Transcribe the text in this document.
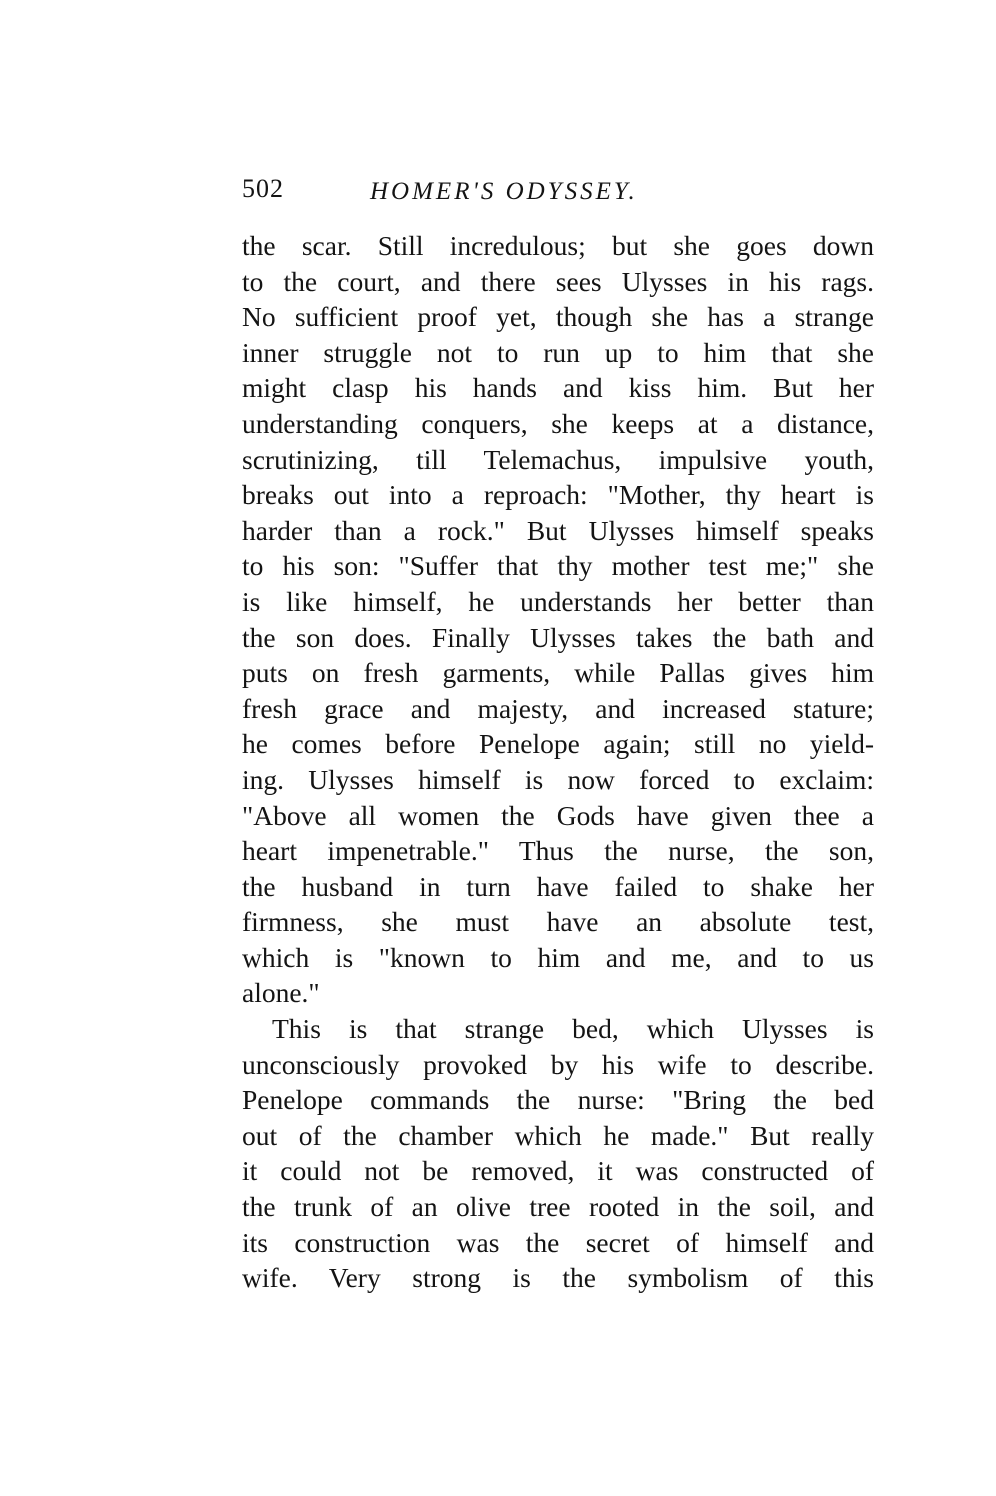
502	HOMER'S ODYSSEY.
the scar. Still incredulous; but she goes down
to the court, and there sees Ulysses in his rags.
No sufficient proof yet, though she has a strange
inner struggle not to run up to him that she
might clasp his hands and kiss him. But her
understanding conquers, she keeps at a distance,
scrutinizing, till Telemachus, impulsive youth,
breaks out into a reproach: "Mother, thy heart is
harder than a rock." But Ulysses himself speaks
to his son: "Suffer that thy mother test me;" she
is like himself, he understands her better than
the son does. Finally Ulysses takes the bath and
puts on fresh garments, while Pallas gives him
fresh grace and majesty, and increased stature;
he comes before Penelope again; still no yield-
ing. Ulysses himself is now forced to exclaim:
"Above all women the Gods have given thee a
heart impenetrable." Thus the nurse, the son,
the husband in turn have failed to shake her
firmness, she must have an absolute test,
which is "known to him and me, and to us
alone."
This is that strange bed, which Ulysses is
unconsciously provoked by his wife to describe.
Penelope commands the nurse: "Bring the bed
out of the chamber which he made." But really
it could not be removed, it was constructed of
the trunk of an olive tree rooted in the soil, and
its construction was the secret of himself and
wife. Very strong is the symbolism of this
